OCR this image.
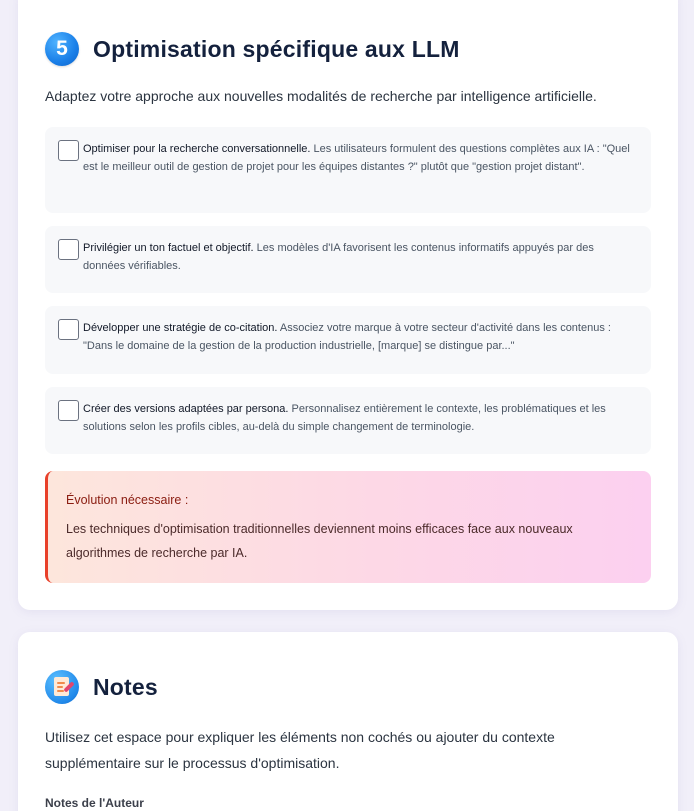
5	Optimisation spécifique aux LLM

Adaptez votre approche aux nouvelles modalités de recherche par intelligence artificielle.

Optimiser pour la recherche conversationnelle. Les utilisateurs formulent des questions complètes aux IA : "Quel est le meilleur outil de gestion de projet pour les équipes distantes ?" plutôt que "gestion projet distant".
Privilégier un ton factuel et objectif. Les modèles d'IA favorisent les contenus informatifs appuyés par des données vérifiables.
Développer une stratégie de co-citation. Associez votre marque à votre secteur d'activité dans les contenus : "Dans le domaine de la gestion de la production industrielle, [marque] se distingue par..."
Créer des versions adaptées par persona. Personnalisez entièrement le contexte, les problématiques et les solutions selon les profils cibles, au-delà du simple changement de terminologie.
Évolution nécessaire :
Les techniques d'optimisation traditionnelles deviennent moins efficaces face aux nouveaux algorithmes de recherche par IA.
Notes

Utilisez cet espace pour expliquer les éléments non cochés ou ajouter du contexte supplémentaire sur le processus d'optimisation.

Notes de l'Auteur
